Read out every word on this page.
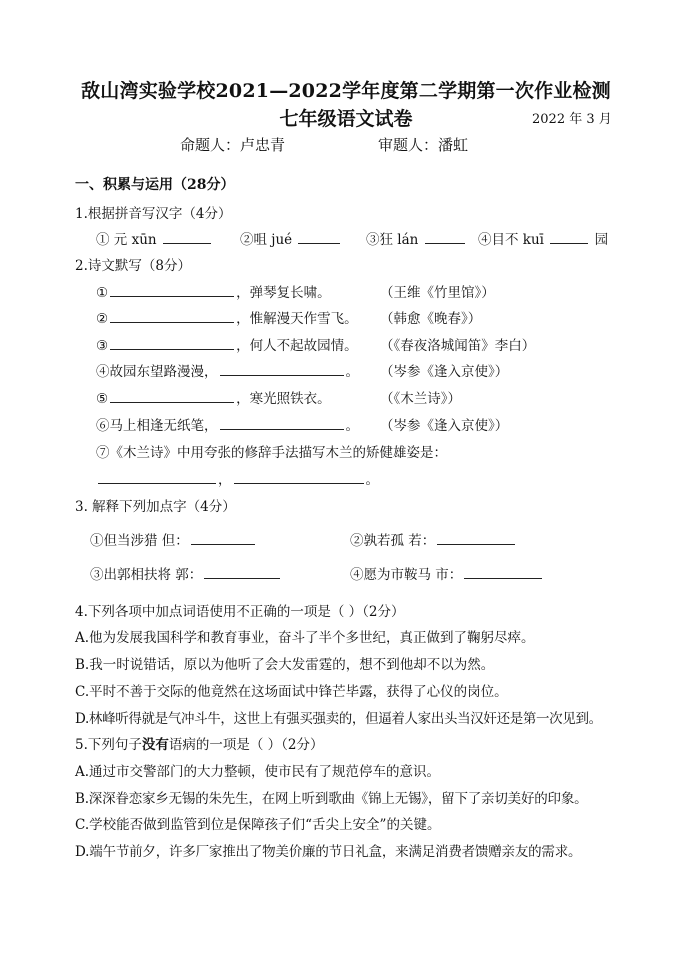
敌山湾实验学校2021—2022学年度第二学期第一次作业检测
七年级语文试卷	2022 年 3 月
命题人：卢忠青	审题人：潘虹
一、积累与运用（28分）
1.根据拼音写汉字（4分）
① 元 xūn	②咀 jué	③狂 lán	④目不 kuī	园
2.诗文默写（8分）
①	，弹琴复长啸。	（王维《竹里馆》）
②	，惟解漫天作雪飞。 （韩愈《晚春》）
③	，何人不起故园情。 （《春夜洛城闻笛》李白）
④故园东望路漫漫，	。 （岑参《逢入京使》）
⑤	，寒光照铁衣。	（《木兰诗》）
⑥马上相逢无纸笔，	。 （岑参《逢入京使》）
⑦《木兰诗》中用夸张的修辞手法描写木兰的矫健雄姿是：
，	。
3. 解释下列加点字（4分）
①但当涉猎 但：	②孰若孤 若：
③出郭相扶将 郭：	④愿为市鞍马 市：
4.下列各项中加点词语使用不正确的一项是（ ）（2分）
A.他为发展我国科学和教育事业，奋斗了半个多世纪，真正做到了鞠躬尽瘁。
B.我一时说错话，原以为他听了会大发雷霆的，想不到他却不以为然。
C.平时不善于交际的他竟然在这场面试中锋芒毕露，获得了心仪的岗位。
D.林峰听得就是气冲斗牛，这世上有强买强卖的，但逼着人家出头当汉奸还是第一次见到。
5.下列句子没有语病的一项是（ ）（2分）
A.通过市交警部门的大力整顿，使市民有了规范停车的意识。
B.深深眷恋家乡无锡的朱先生，在网上听到歌曲《锦上无锡》，留下了亲切美好的印象。
C.学校能否做到监管到位是保障孩子们“舌尖上安全”的关键。
D.端午节前夕，许多厂家推出了物美价廉的节日礼盒，来满足消费者馈赠亲友的需求。
